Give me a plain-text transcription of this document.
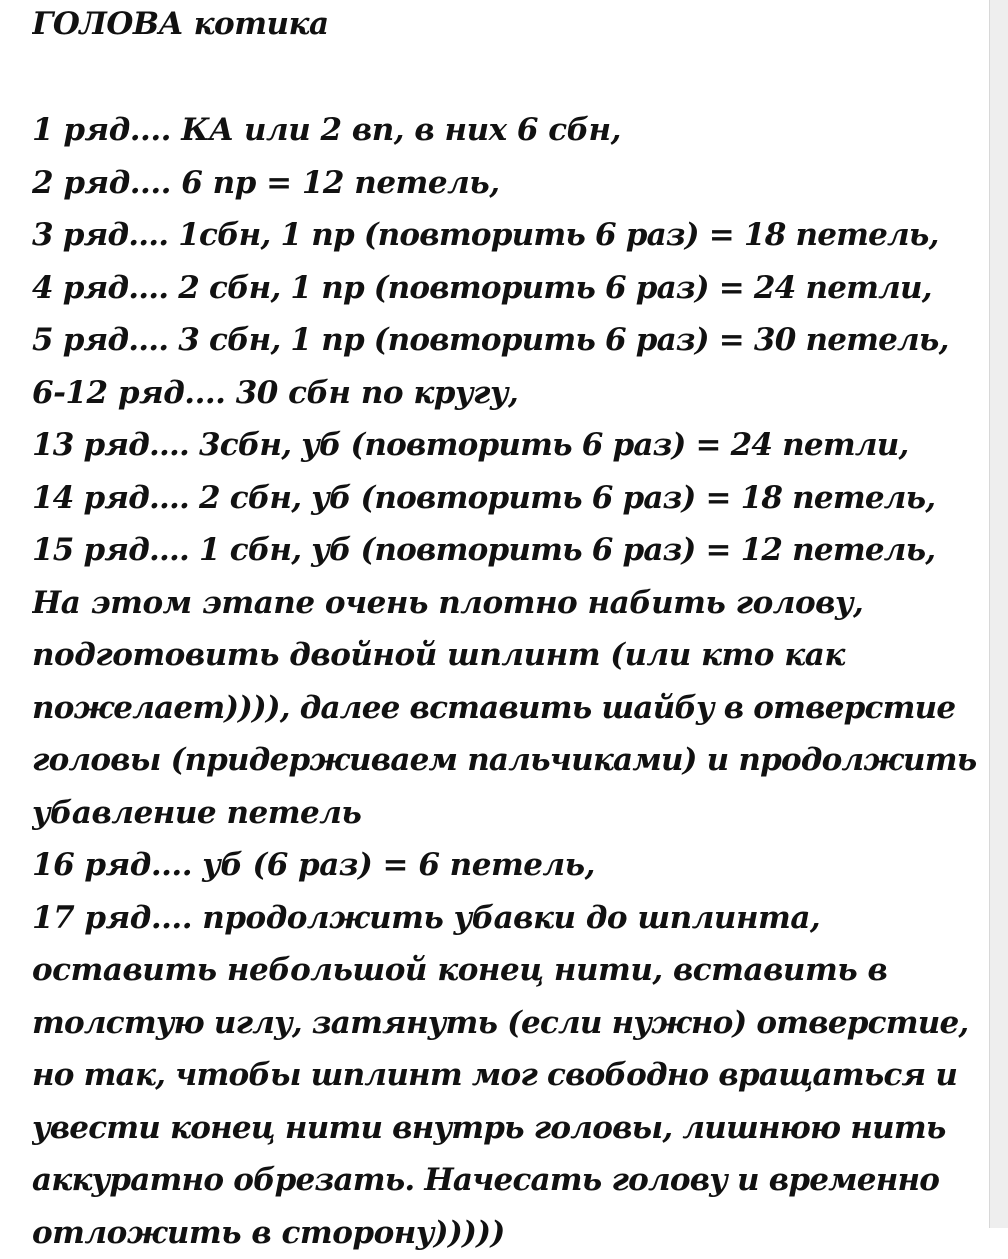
ГОЛОВА котика
1 ряд.... КА или 2 вп, в них 6 сбн,
2 ряд.... 6 пр = 12 петель,
3 ряд.... 1сбн, 1 пр (повторить 6 раз) = 18 петель,
4 ряд.... 2 сбн, 1 пр (повторить 6 раз) = 24 петли,
5 ряд.... 3 сбн, 1 пр (повторить 6 раз) = 30 петель,
6-12 ряд.... 30 сбн по кругу,
13 ряд.... 3сбн, уб (повторить 6 раз) = 24 петли,
14 ряд.... 2 сбн, уб (повторить 6 раз) = 18 петель,
15 ряд.... 1 сбн, уб (повторить 6 раз) = 12 петель,
На этом этапе очень плотно набить голову,
подготовить двойной шплинт (или кто как
пожелает)))), далее вставить шайбу в отверстие
головы (придерживаем пальчиками) и продолжить
убавление петель
16 ряд.... уб (6 раз) = 6 петель,
17 ряд.... продолжить убавки до шплинта,
оставить небольшой конец нити, вставить в
толстую иглу, затянуть (если нужно) отверстие,
но так, чтобы шплинт мог свободно вращаться и
увести конец нити внутрь головы, лишнюю нить
аккуратно обрезать. Начесать голову и временно
отложить в сторону)))))
